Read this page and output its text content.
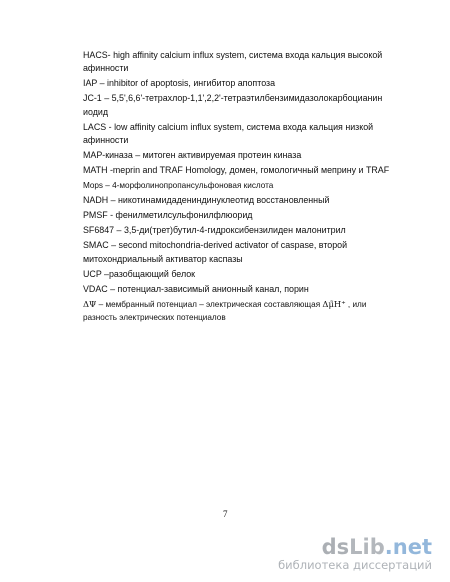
HACS- high affinity calcium influx system, система входа кальция высокой
афинности
IAP – inhibitor of apoptosis, ингибитор апоптоза
JC-1 – 5,5',6,6'-тетрахлор-1,1',2,2'-тетраэтилбензимидазолокарбоцианин
иодид
LACS - low affinity calcium influx system, система входа кальция низкой
афинности
MAP-киназа – митоген активируемая протеин киназа
MATH -meprin and TRAF Homology, домен, гомологичный меприну и TRAF
Mops – 4-морфолинопропансульфоновая кислота
NADH – никотинамидадениндинуклеотид восстановленный
PMSF - фенилметилсульфонилфлюорид
SF6847 – 3,5-ди(трет)бутил-4-гидроксибензилиден малонитрил
SMAC – second mitochondria-derived activator of caspase, второй
митохондриальный активатор каспазы
UCP –разобщающий белок
VDAC – потенциал-зависимый анионный канал, порин
ΔΨ – мембранный потенциал – электрическая составляющая Δμ̃H⁺ , или
разность электрических потенциалов
7
dsLib.net
библиотека диссертаций
